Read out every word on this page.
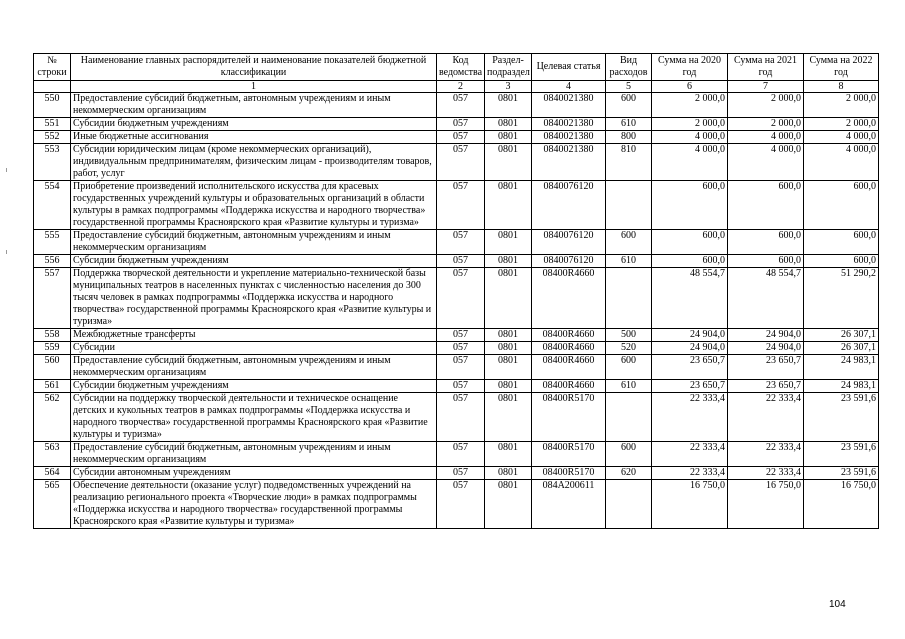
№ строки	Наименование главных распорядителей и наименование показателей бюджетной классификации	Код ведомства	Раздел-подраздел	Целевая статья	Вид расходов	Сумма на 2020 год	Сумма на 2021 год	Сумма на 2022 год
	1	2	3	4	5	6	7	8
550	Предоставление субсидий бюджетным, автономным учреждениям и иным некоммерческим организациям	057	0801	0840021380	600	2 000,0	2 000,0	2 000,0
551	Субсидии бюджетным учреждениям	057	0801	0840021380	610	2 000,0	2 000,0	2 000,0
552	Иные бюджетные ассигнования	057	0801	0840021380	800	4 000,0	4 000,0	4 000,0
553	Субсидии юридическим лицам (кроме некоммерческих организаций), индивидуальным предпринимателям, физическим лицам - производителям товаров, работ, услуг	057	0801	0840021380	810	4 000,0	4 000,0	4 000,0
554	Приобретение произведений исполнительского искусства для красевых государственных учреждений культуры и образовательных организаций в области культуры в рамках подпрограммы «Поддержка искусства и народного творчества» государственной программы Красноярского края «Развитие культуры и туризма»	057	0801	0840076120		600,0	600,0	600,0
555	Предоставление субсидий бюджетным, автономным учреждениям и иным некоммерческим организациям	057	0801	0840076120	600	600,0	600,0	600,0
556	Субсидии бюджетным учреждениям	057	0801	0840076120	610	600,0	600,0	600,0
557	Поддержка творческой деятельности и укрепление материально-технической базы муниципальных театров в населенных пунктах с численностью населения до 300 тысяч человек в рамках подпрограммы «Поддержка искусства и народного творчества» государственной программы Красноярского края «Развитие культуры и туризма»	057	0801	08400R4660		48 554,7	48 554,7	51 290,2
558	Межбюджетные трансферты	057	0801	08400R4660	500	24 904,0	24 904,0	26 307,1
559	Субсидии	057	0801	08400R4660	520	24 904,0	24 904,0	26 307,1
560	Предоставление субсидий бюджетным, автономным учреждениям и иным некоммерческим организациям	057	0801	08400R4660	600	23 650,7	23 650,7	24 983,1
561	Субсидии бюджетным учреждениям	057	0801	08400R4660	610	23 650,7	23 650,7	24 983,1
562	Субсидии на поддержку творческой деятельности и техническое оснащение детских и кукольных театров в рамках подпрограммы «Поддержка искусства и народного творчества» государственной программы Красноярского края «Развитие культуры и туризма»	057	0801	08400R5170		22 333,4	22 333,4	23 591,6
563	Предоставление субсидий бюджетным, автономным учреждениям и иным некоммерческим организациям	057	0801	08400R5170	600	22 333,4	22 333,4	23 591,6
564	Субсидии автономным учреждениям	057	0801	08400R5170	620	22 333,4	22 333,4	23 591,6
565	Обеспечение деятельности (оказание услуг) подведомственных учреждений на реализацию регионального проекта «Творческие люди» в рамках подпрограммы «Поддержка искусства и народного творчества» государственной программы Красноярского края «Развитие культуры и туризма»	057	0801	084A200611		16 750,0	16 750,0	16 750,0
104
